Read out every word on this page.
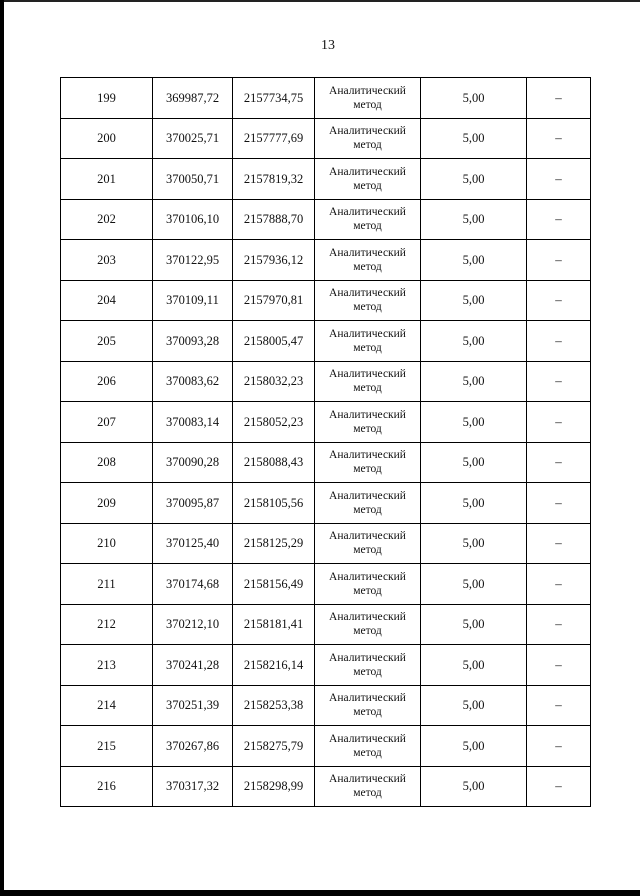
13
199	369987,72	2157734,75	Аналитический метод	5,00	–
200	370025,71	2157777,69	Аналитический метод	5,00	–
201	370050,71	2157819,32	Аналитический метод	5,00	–
202	370106,10	2157888,70	Аналитический метод	5,00	–
203	370122,95	2157936,12	Аналитический метод	5,00	–
204	370109,11	2157970,81	Аналитический метод	5,00	–
205	370093,28	2158005,47	Аналитический метод	5,00	–
206	370083,62	2158032,23	Аналитический метод	5,00	–
207	370083,14	2158052,23	Аналитический метод	5,00	–
208	370090,28	2158088,43	Аналитический метод	5,00	–
209	370095,87	2158105,56	Аналитический метод	5,00	–
210	370125,40	2158125,29	Аналитический метод	5,00	–
211	370174,68	2158156,49	Аналитический метод	5,00	–
212	370212,10	2158181,41	Аналитический метод	5,00	–
213	370241,28	2158216,14	Аналитический метод	5,00	–
214	370251,39	2158253,38	Аналитический метод	5,00	–
215	370267,86	2158275,79	Аналитический метод	5,00	–
216	370317,32	2158298,99	Аналитический метод	5,00	–
